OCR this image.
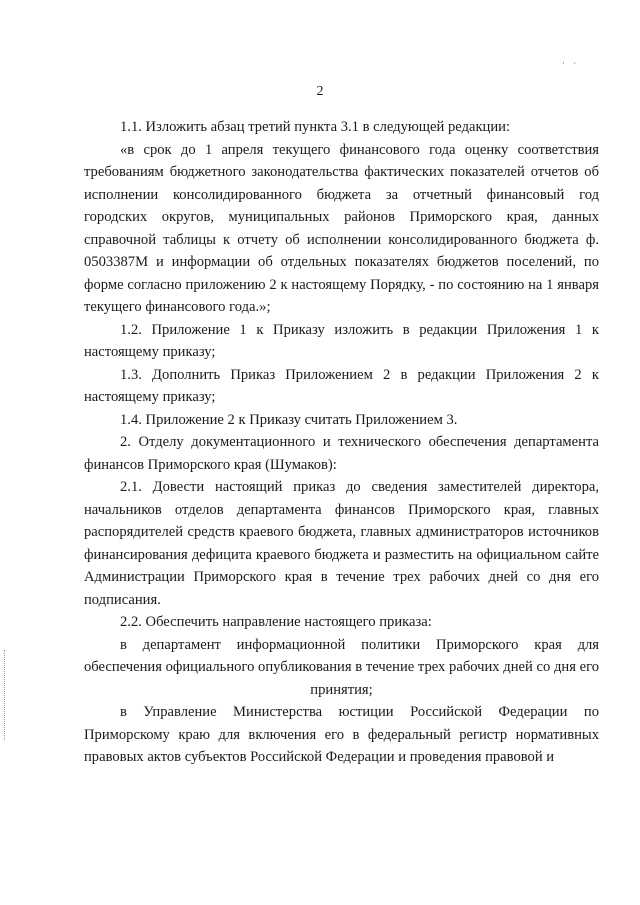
· ·
2

1.1. Изложить абзац третий пункта 3.1 в следующей редакции:

«в срок до 1 апреля текущего финансового года оценку соответствия требованиям бюджетного законодательства фактических показателей отчетов об исполнении консолидированного бюджета за отчетный финансовый год городских округов, муниципальных районов Приморского края, данных справочной таблицы к отчету об исполнении консолидированного бюджета ф. 0503387М и информации об отдельных показателях бюджетов поселений, по форме согласно приложению 2 к настоящему Порядку, - по состоянию на 1 января текущего финансового года.»;

1.2. Приложение 1 к Приказу изложить в редакции Приложения 1 к настоящему приказу;

1.3. Дополнить Приказ Приложением 2 в редакции Приложения 2 к настоящему приказу;

1.4. Приложение 2 к Приказу считать Приложением 3.

2. Отделу документационного и технического обеспечения департамента финансов Приморского края (Шумаков):

2.1. Довести настоящий приказ до сведения заместителей директора, начальников отделов департамента финансов Приморского края, главных распорядителей средств краевого бюджета, главных администраторов источников финансирования дефицита краевого бюджета и разместить на официальном сайте Администрации Приморского края в течение трех рабочих дней со дня его подписания.

2.2. Обеспечить направление настоящего приказа:

в департамент информационной политики Приморского края для обеспечения официального опубликования в течение трех рабочих дней со дня его принятия;

в Управление Министерства юстиции Российской Федерации по Приморскому краю для включения его в федеральный регистр нормативных правовых актов субъектов Российской Федерации и проведения правовой и
